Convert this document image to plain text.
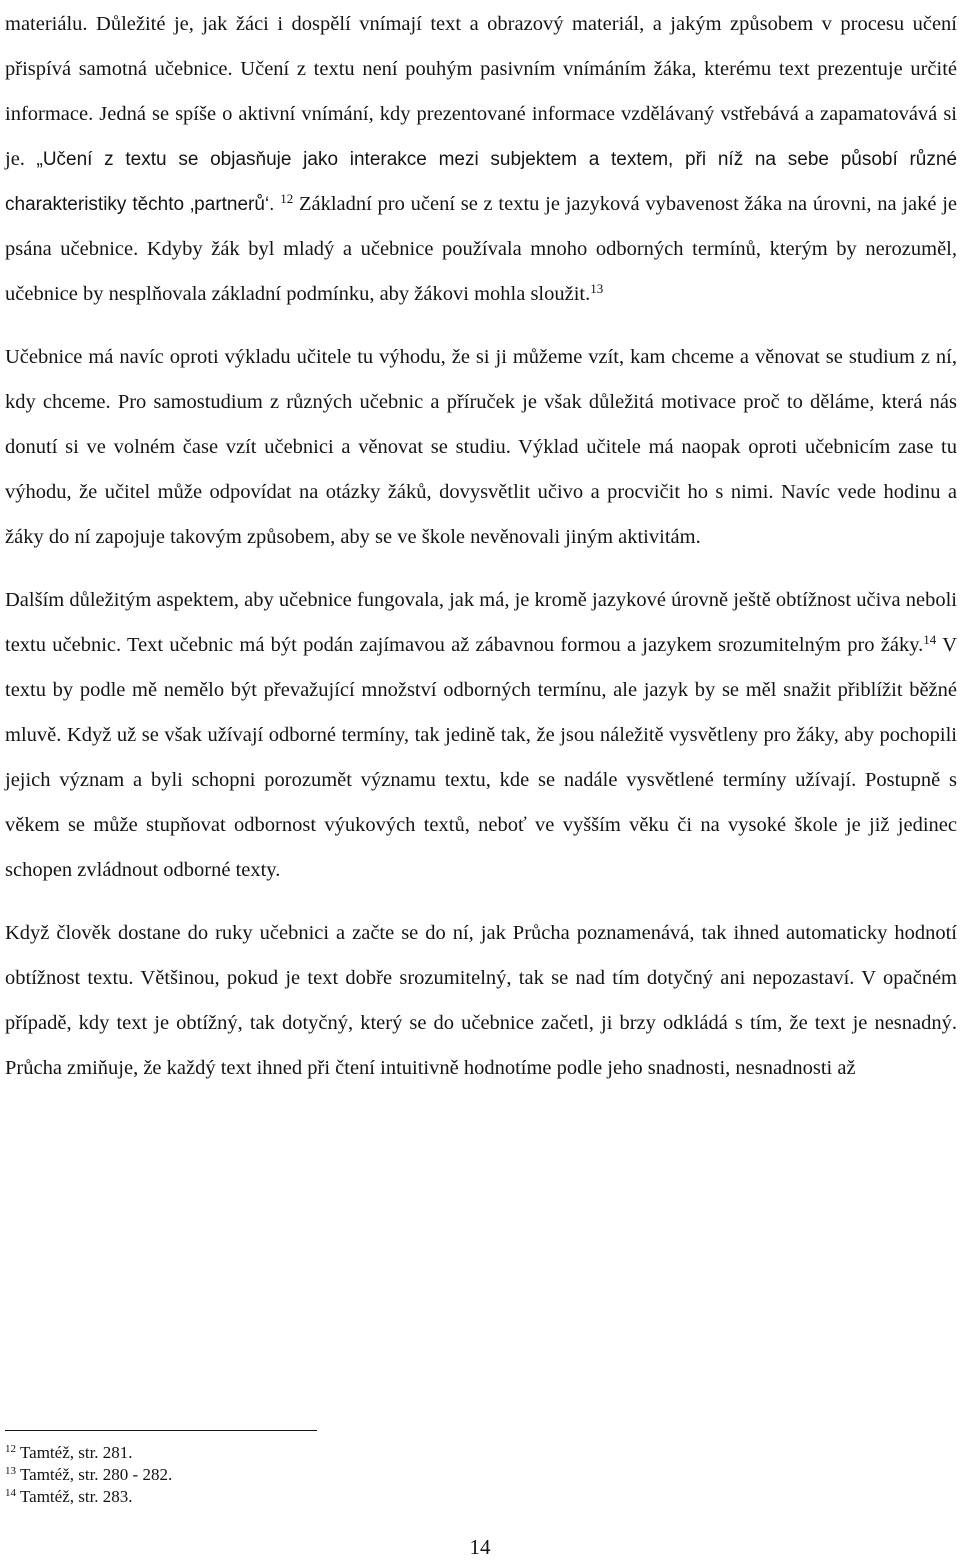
materiálu. Důležité je, jak žáci i dospělí vnímají text a obrazový materiál, a jakým způsobem v procesu učení přispívá samotná učebnice. Učení z textu není pouhým pasivním vnímáním žáka, kterému text prezentuje určité informace. Jedná se spíše o aktivní vnímání, kdy prezentované informace vzdělávaný vstřebává a zapamatovává si je. „Učení z textu se objasňuje jako interakce mezi subjektem a textem, při níž na sebe působí různé charakteristiky těchto ‚partnerů‘. $^{12}$ Základní pro učení se z textu je jazyková vybavenost žáka na úrovni, na jaké je psána učebnice. Kdyby žák byl mladý a učebnice používala mnoho odborných termínů, kterým by nerozuměl, učebnice by nesplňovala základní podmínku, aby žákovi mohla sloužit.$^{13}$

Učebnice má navíc oproti výkladu učitele tu výhodu, že si ji můžeme vzít, kam chceme a věnovat se studium z ní, kdy chceme. Pro samostudium z různých učebnic a příruček je však důležitá motivace proč to děláme, která nás donutí si ve volném čase vzít učebnici a věnovat se studiu. Výklad učitele má naopak oproti učebnicím zase tu výhodu, že učitel může odpovídat na otázky žáků, dovysvětlit učivo a procvičit ho s nimi. Navíc vede hodinu a žáky do ní zapojuje takovým způsobem, aby se ve škole nevěnovali jiným aktivitám.

Dalším důležitým aspektem, aby učebnice fungovala, jak má, je kromě jazykové úrovně ještě obtížnost učiva neboli textu učebnic. Text učebnic má být podán zajímavou až zábavnou formou a jazykem srozumitelným pro žáky.$^{14}$ V textu by podle mě nemělo být převažující množství odborných termínu, ale jazyk by se měl snažit přiblížit běžné mluvě. Když už se však užívají odborné termíny, tak jedině tak, že jsou náležitě vysvětleny pro žáky, aby pochopili jejich význam a byli schopni porozumět významu textu, kde se nadále vysvětlené termíny užívají. Postupně s věkem se může stupňovat odbornost výukových textů, neboť ve vyšším věku či na vysoké škole je již jedinec schopen zvládnout odborné texty.

Když člověk dostane do ruky učebnici a začte se do ní, jak Průcha poznamenává, tak ihned automaticky hodnotí obtížnost textu. Většinou, pokud je text dobře srozumitelný, tak se nad tím dotyčný ani nepozastaví. V opačném případě, kdy text je obtížný, tak dotyčný, který se do učebnice začetl, ji brzy odkládá s tím, že text je nesnadný. Průcha zmiňuje, že každý text ihned při čtení intuitivně hodnotíme podle jeho snadnosti, nesnadnosti až

$^{12}$ Tamtéž, str. 281.
$^{13}$ Tamtéž, str. 280 - 282.
$^{14}$ Tamtéž, str. 283.
14
